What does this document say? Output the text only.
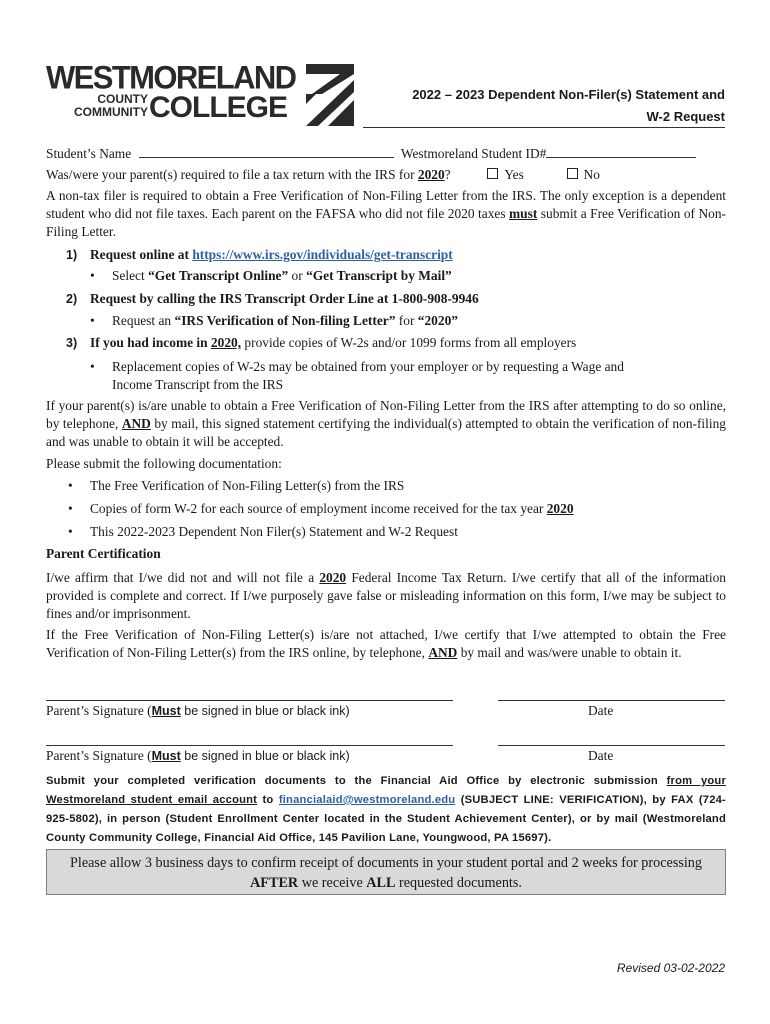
WESTMORELAND
COUNTY
COMMUNITY COLLEGE	2022 – 2023 Dependent Non-Filer(s) Statement and
W-2 Request
Student’s Name	Westmoreland Student ID#
Was/were your parent(s) required to file a tax return with the IRS for 2020?	Yes	No
A non-tax filer is required to obtain a Free Verification of Non-Filing Letter from the IRS. The only exception is a dependent student who did not file taxes. Each parent on the FAFSA who did not file 2020 taxes must submit a Free Verification of Non-Filing Letter.
1) Request online at https://www.irs.gov/individuals/get-transcript
• Select “Get Transcript Online” or “Get Transcript by Mail”
2) Request by calling the IRS Transcript Order Line at 1-800-908-9946
• Request an “IRS Verification of Non-filing Letter” for “2020”
3) If you had income in 2020, provide copies of W-2s and/or 1099 forms from all employers
• Replacement copies of W-2s may be obtained from your employer or by requesting a Wage and
Income Transcript from the IRS
If your parent(s) is/are unable to obtain a Free Verification of Non-Filing Letter from the IRS after attempting to do so online, by telephone, AND by mail, this signed statement certifying the individual(s) attempted to obtain the verification of non-filing and was unable to obtain it will be accepted.
Please submit the following documentation:
• The Free Verification of Non-Filing Letter(s) from the IRS
• Copies of form W-2 for each source of employment income received for the tax year 2020
• This 2022-2023 Dependent Non Filer(s) Statement and W-2 Request
Parent Certification
I/we affirm that I/we did not and will not file a 2020 Federal Income Tax Return. I/we certify that all of the information provided is complete and correct. If I/we purposely gave false or misleading information on this form, I/we may be subject to fines and/or imprisonment.
If the Free Verification of Non-Filing Letter(s) is/are not attached, I/we certify that I/we attempted to obtain the Free Verification of Non-Filing Letter(s) from the IRS online, by telephone, AND by mail and was/were unable to obtain it.
Parent’s Signature (Must be signed in blue or black ink)	Date
Parent’s Signature (Must be signed in blue or black ink)	Date
Submit your completed verification documents to the Financial Aid Office by electronic submission from your Westmoreland student email account to financialaid@westmoreland.edu (SUBJECT LINE: VERIFICATION), by FAX (724-925-5802), in person (Student Enrollment Center located in the Student Achievement Center), or by mail (Westmoreland County Community College, Financial Aid Office, 145 Pavilion Lane, Youngwood, PA 15697).
Please allow 3 business days to confirm receipt of documents in your student portal and 2 weeks for processing AFTER we receive ALL requested documents.
Revised 03-02-2022
